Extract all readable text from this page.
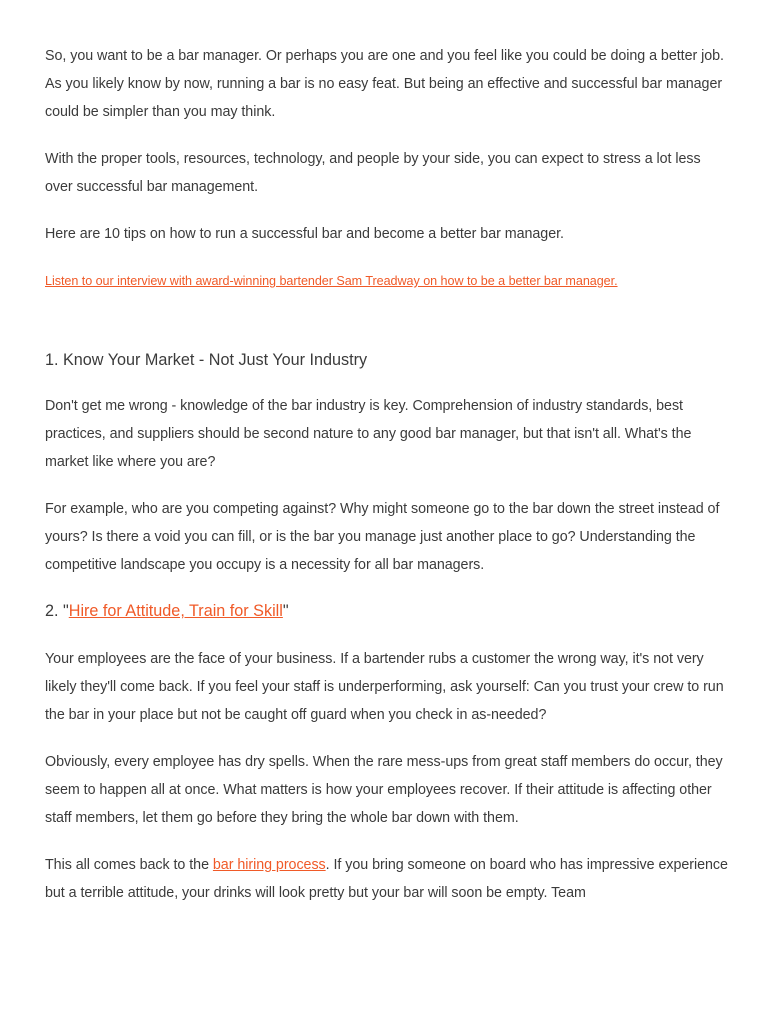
So, you want to be a bar manager. Or perhaps you are one and you feel like you could be doing a better job. As you likely know by now, running a bar is no easy feat. But being an effective and successful bar manager could be simpler than you may think.

With the proper tools, resources, technology, and people by your side, you can expect to stress a lot less over successful bar management.

Here are 10 tips on how to run a successful bar and become a better bar manager.

Listen to our interview with award-winning bartender Sam Treadway on how to be a better bar manager.

1. Know Your Market - Not Just Your Industry

Don't get me wrong - knowledge of the bar industry is key. Comprehension of industry standards, best practices, and suppliers should be second nature to any good bar manager, but that isn't all. What's the market like where you are?

For example, who are you competing against? Why might someone go to the bar down the street instead of yours? Is there a void you can fill, or is the bar you manage just another place to go? Understanding the competitive landscape you occupy is a necessity for all bar managers.

2. "Hire for Attitude, Train for Skill"

Your employees are the face of your business. If a bartender rubs a customer the wrong way, it's not very likely they'll come back. If you feel your staff is underperforming, ask yourself: Can you trust your crew to run the bar in your place but not be caught off guard when you check in as-needed?

Obviously, every employee has dry spells. When the rare mess-ups from great staff members do occur, they seem to happen all at once. What matters is how your employees recover. If their attitude is affecting other staff members, let them go before they bring the whole bar down with them.

This all comes back to the bar hiring process. If you bring someone on board who has impressive experience but a terrible attitude, your drinks will look pretty but your bar will soon be empty. Team
